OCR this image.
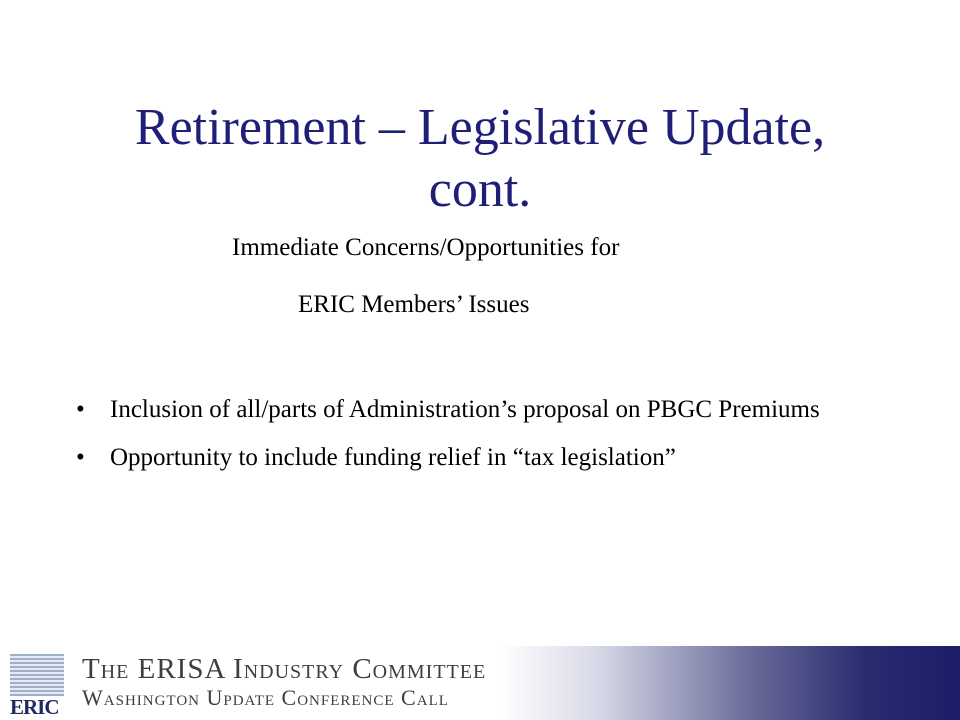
Retirement – Legislative Update,
cont.
Immediate Concerns/Opportunities for
ERIC Members’ Issues
• Inclusion of all/parts of Administration’s proposal on PBGC Premiums
• Opportunity to include funding relief in “tax legislation”
ERIC
The ERISA Industry Committee
Washington Update Conference Call
